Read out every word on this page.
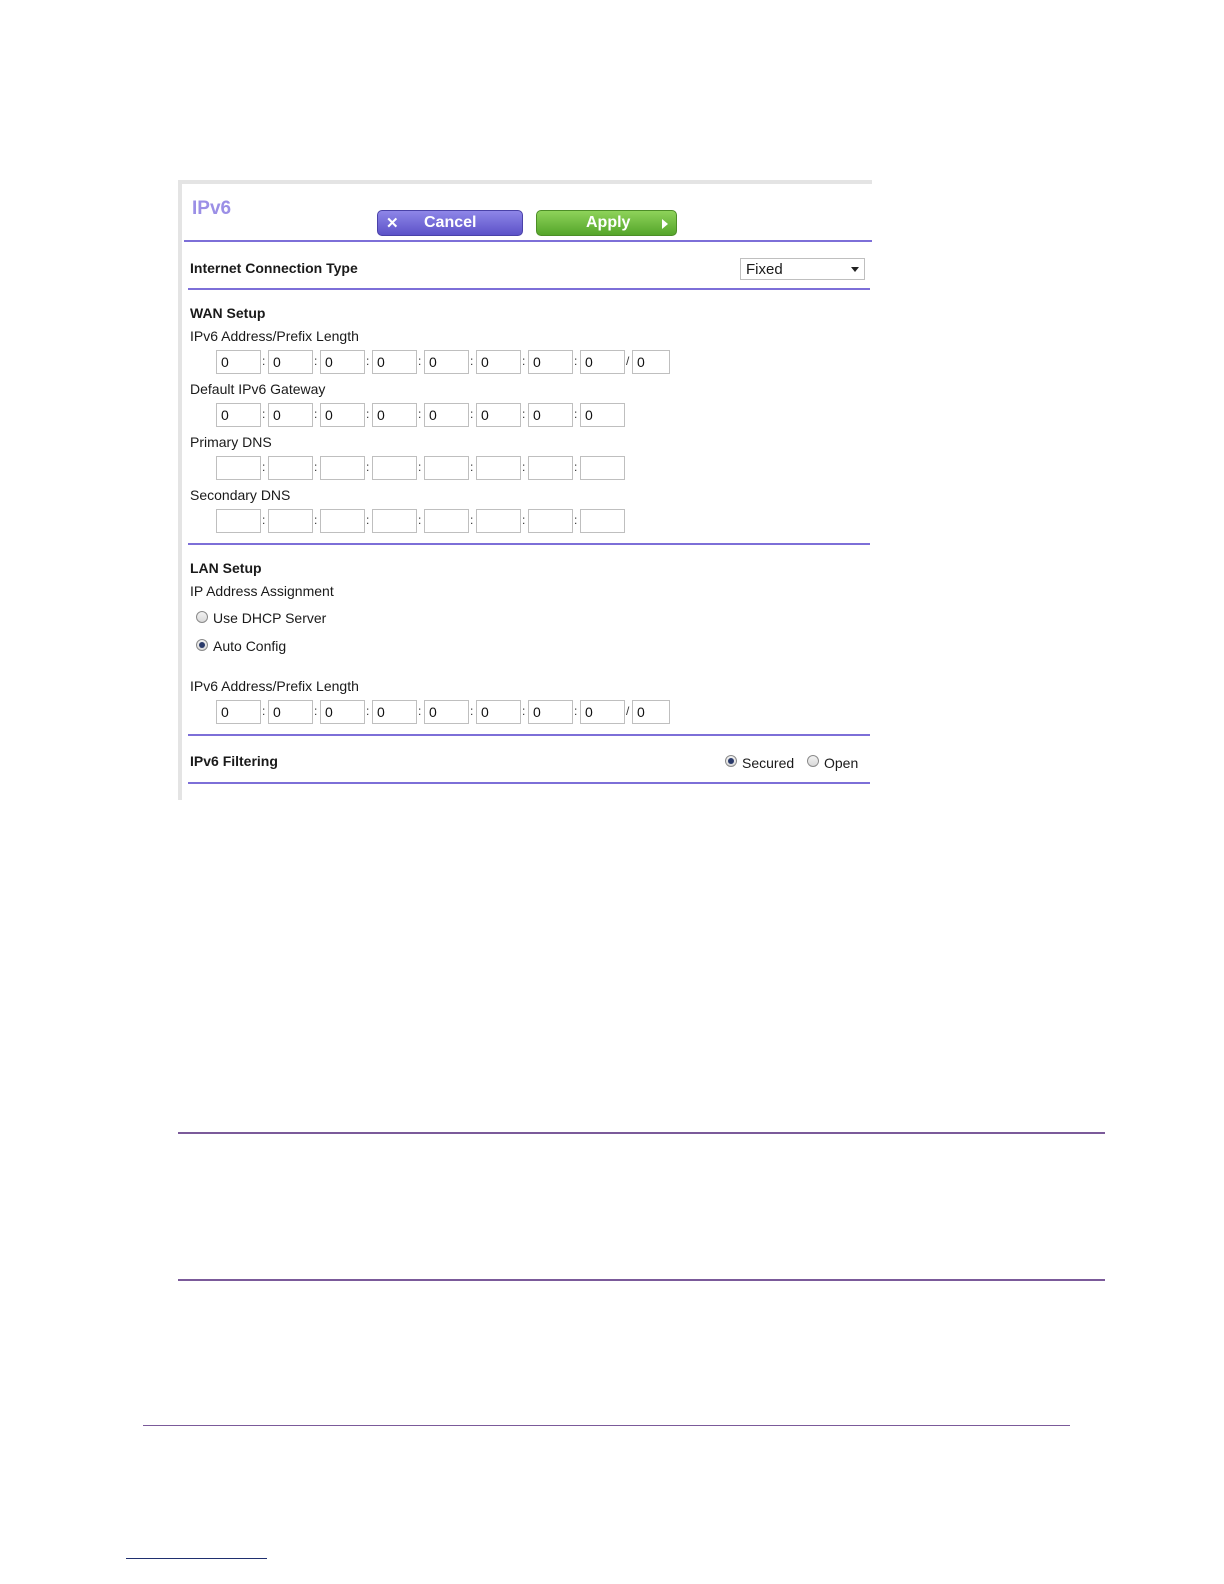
IPv6
✕ Cancel	Apply
Internet Connection Type	Fixed
WAN Setup
IPv6 Address/Prefix Length
0	: 0	: 0	: 0	: 0	: 0	: 0	: 0	/ 0
Default IPv6 Gateway
0	: 0	: 0	: 0	: 0	: 0	: 0	: 0
Primary DNS
:	:	:	:	:	:	:
Secondary DNS
:	:	:	:	:	:	:
LAN Setup
IP Address Assignment
Use DHCP Server
Auto Config
IPv6 Address/Prefix Length
0	: 0	: 0	: 0	: 0	: 0	: 0	: 0	/ 0
IPv6 Filtering	Secured Open
